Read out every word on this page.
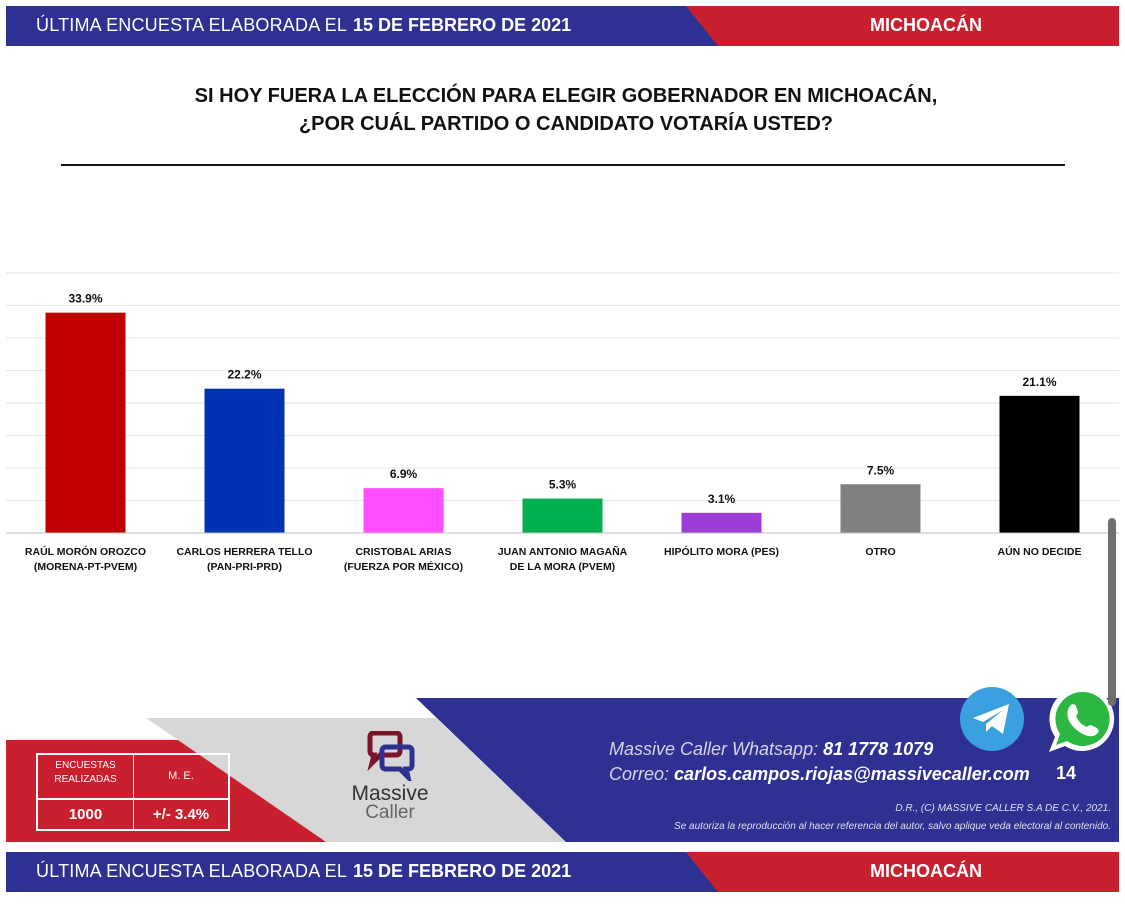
ÚLTIMA ENCUESTA ELABORADA EL 15 DE FEBRERO DE 2021	MICHOACÁN
SI HOY FUERA LA ELECCIÓN PARA ELEGIR GOBERNADOR EN MICHOACÁN,
¿POR CUÁL PARTIDO O CANDIDATO VOTARÍA USTED?
33.9%
RAÚL MORÓN OROZCO
(MORENA-PT-PVEM)
22.2%
CARLOS HERRERA TELLO
(PAN-PRI-PRD)
6.9%
CRISTOBAL ARIAS
(FUERZA POR MÉXICO)
5.3%
JUAN ANTONIO MAGAÑA
DE LA MORA (PVEM)
3.1%
HIPÓLITO MORA (PES)
7.5%
OTRO
21.1%
AÚN NO DECIDE
ENCUESTAS REALIZADAS	M. E.
1000	+/- 3.4%
Massive
Caller
Massive Caller Whatsapp: 81 1778 1079
Correo: carlos.campos.riojas@massivecaller.com 14
D.R., (C) MASSIVE CALLER S.A DE C.V., 2021.
Se autoriza la reproducción al hacer referencia del autor, salvo aplique veda electoral al contenido.
ÚLTIMA ENCUESTA ELABORADA EL 15 DE FEBRERO DE 2021	MICHOACÁN
